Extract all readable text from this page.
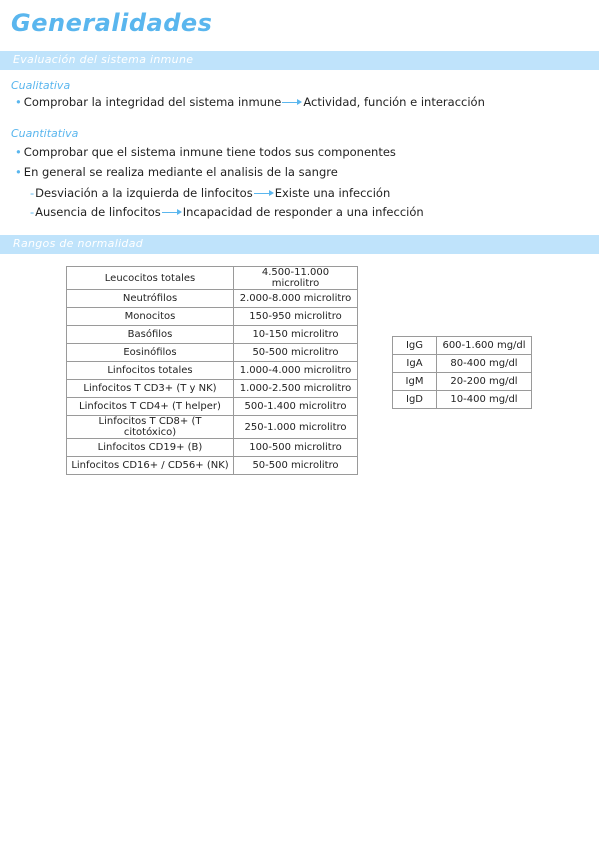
Generalidades
Evaluación del sistema inmune
Cualitativa
• Comprobar la integridad del sistema inmune Actividad, función e interacción
Cuantitativa
• Comprobar que el sistema inmune tiene todos sus componentes
• En general se realiza mediante el analisis de la sangre
- Desviación a la izquierda de linfocitos Existe una infección
- Ausencia de linfocitos Incapacidad de responder a una infección
Rangos de normalidad
Leucocitos totales	4.500-11.000 microlitro
Neutrófilos	2.000-8.000 microlitro
Monocitos	150-950 microlitro
Basófilos	10-150 microlitro
Eosinófilos	50-500 microlitro
Linfocitos totales	1.000-4.000 microlitro
Linfocitos T CD3+ (T y NK)	1.000-2.500 microlitro
Linfocitos T CD4+ (T helper)	500-1.400 microlitro
Linfocitos T CD8+ (T citotóxico)	250-1.000 microlitro
Linfocitos CD19+ (B)	100-500 microlitro
Linfocitos CD16+ / CD56+ (NK)	50-500 microlitro
IgG	600-1.600 mg/dl
IgA	80-400 mg/dl
IgM	20-200 mg/dl
IgD	10-400 mg/dl
